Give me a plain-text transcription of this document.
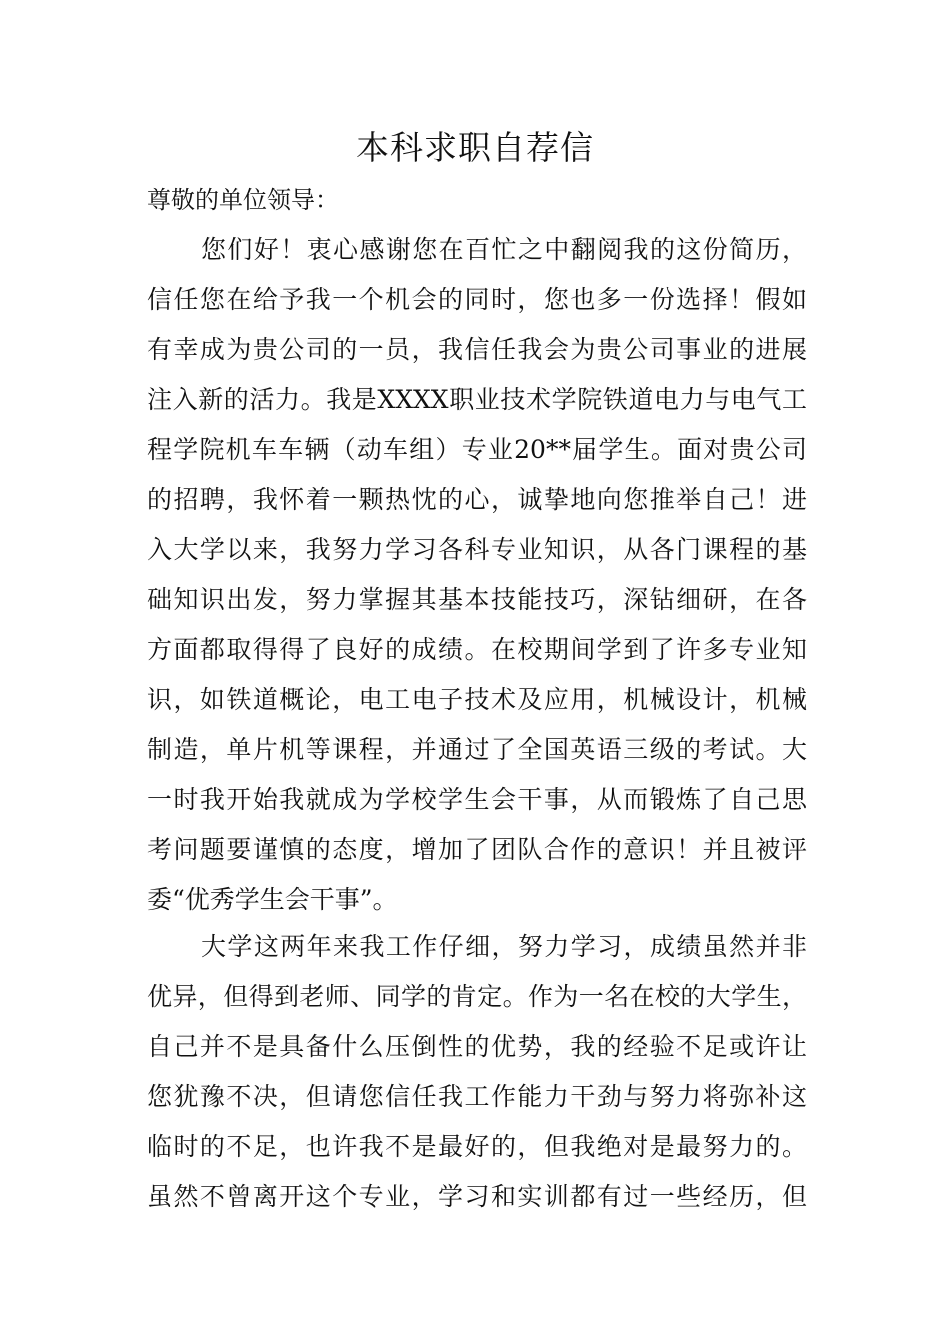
本科求职自荐信
尊敬的单位领导：
您们好！衷心感谢您在百忙之中翻阅我的这份简历，
信任您在给予我一个机会的同时，您也多一份选择！假如
有幸成为贵公司的一员，我信任我会为贵公司事业的进展
注入新的活力。我是XXXX职业技术学院铁道电力与电气工
程学院机车车辆（动车组）专业20**届学生。面对贵公司
的招聘，我怀着一颗热忱的心，诚挚地向您推举自己！进
入大学以来，我努力学习各科专业知识，从各门课程的基
础知识出发，努力掌握其基本技能技巧，深钻细研，在各
方面都取得得了良好的成绩。在校期间学到了许多专业知
识，如铁道概论，电工电子技术及应用，机械设计，机械
制造，单片机等课程，并通过了全国英语三级的考试。大
一时我开始我就成为学校学生会干事，从而锻炼了自己思
考问题要谨慎的态度，增加了团队合作的意识！并且被评
委“优秀学生会干事”。
大学这两年来我工作仔细，努力学习，成绩虽然并非
优异，但得到老师、同学的肯定。作为一名在校的大学生，
自己并不是具备什么压倒性的优势，我的经验不足或许让
您犹豫不决，但请您信任我工作能力干劲与努力将弥补这
临时的不足，也许我不是最好的，但我绝对是最努力的。
虽然不曾离开这个专业，学习和实训都有过一些经历，但
